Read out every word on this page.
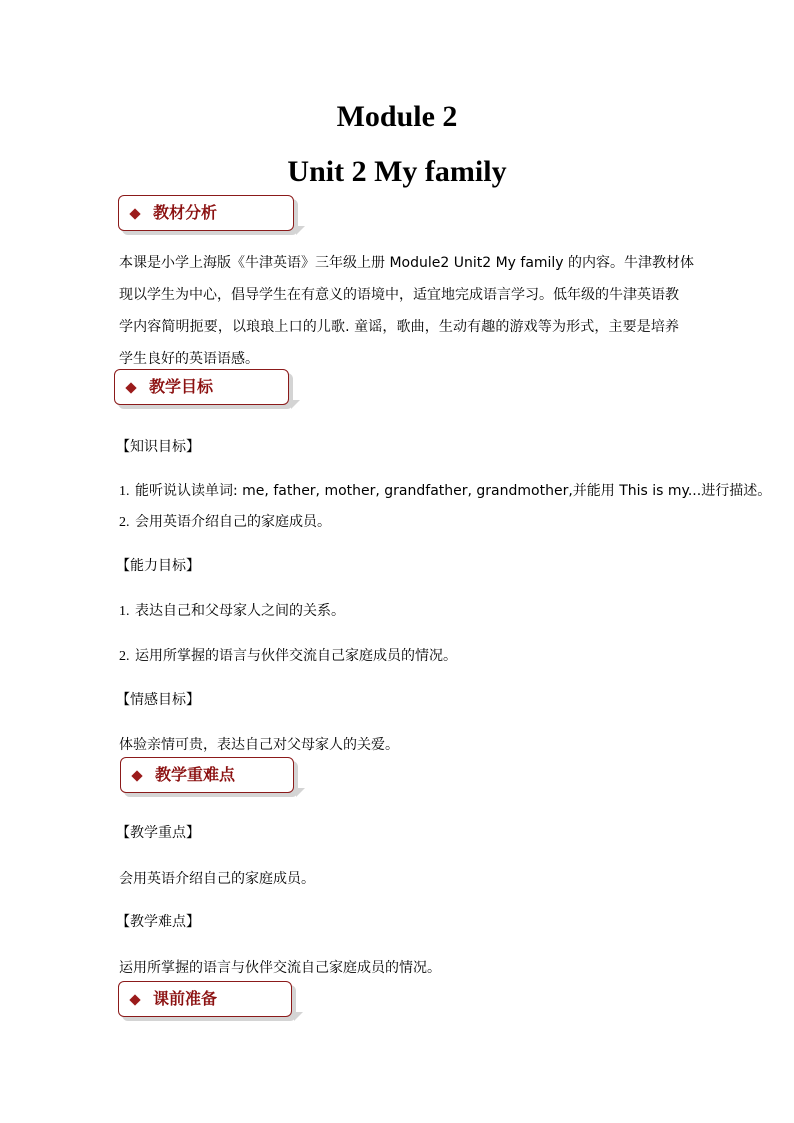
Module 2
Unit 2 My family
教材分析
本课是小学上海版《牛津英语》三年级上册 Module2 Unit2 My family 的内容。牛津教材体
现以学生为中心，倡导学生在有意义的语境中，适宜地完成语言学习。低年级的牛津英语教
学内容简明扼要，以琅琅上口的儿歌. 童谣，歌曲，生动有趣的游戏等为形式，主要是培养
学生良好的英语语感。
教学目标
【知识目标】
1. 能听说认读单词: me, father, mother, grandfather, grandmother,并能用 This is my...进行描述。
2. 会用英语介绍自己的家庭成员。
【能力目标】
1. 表达自己和父母家人之间的关系。
2. 运用所掌握的语言与伙伴交流自己家庭成员的情况。
【情感目标】
体验亲情可贵，表达自己对父母家人的关爱。
教学重难点
【教学重点】
会用英语介绍自己的家庭成员。
【教学难点】
运用所掌握的语言与伙伴交流自己家庭成员的情况。
课前准备
